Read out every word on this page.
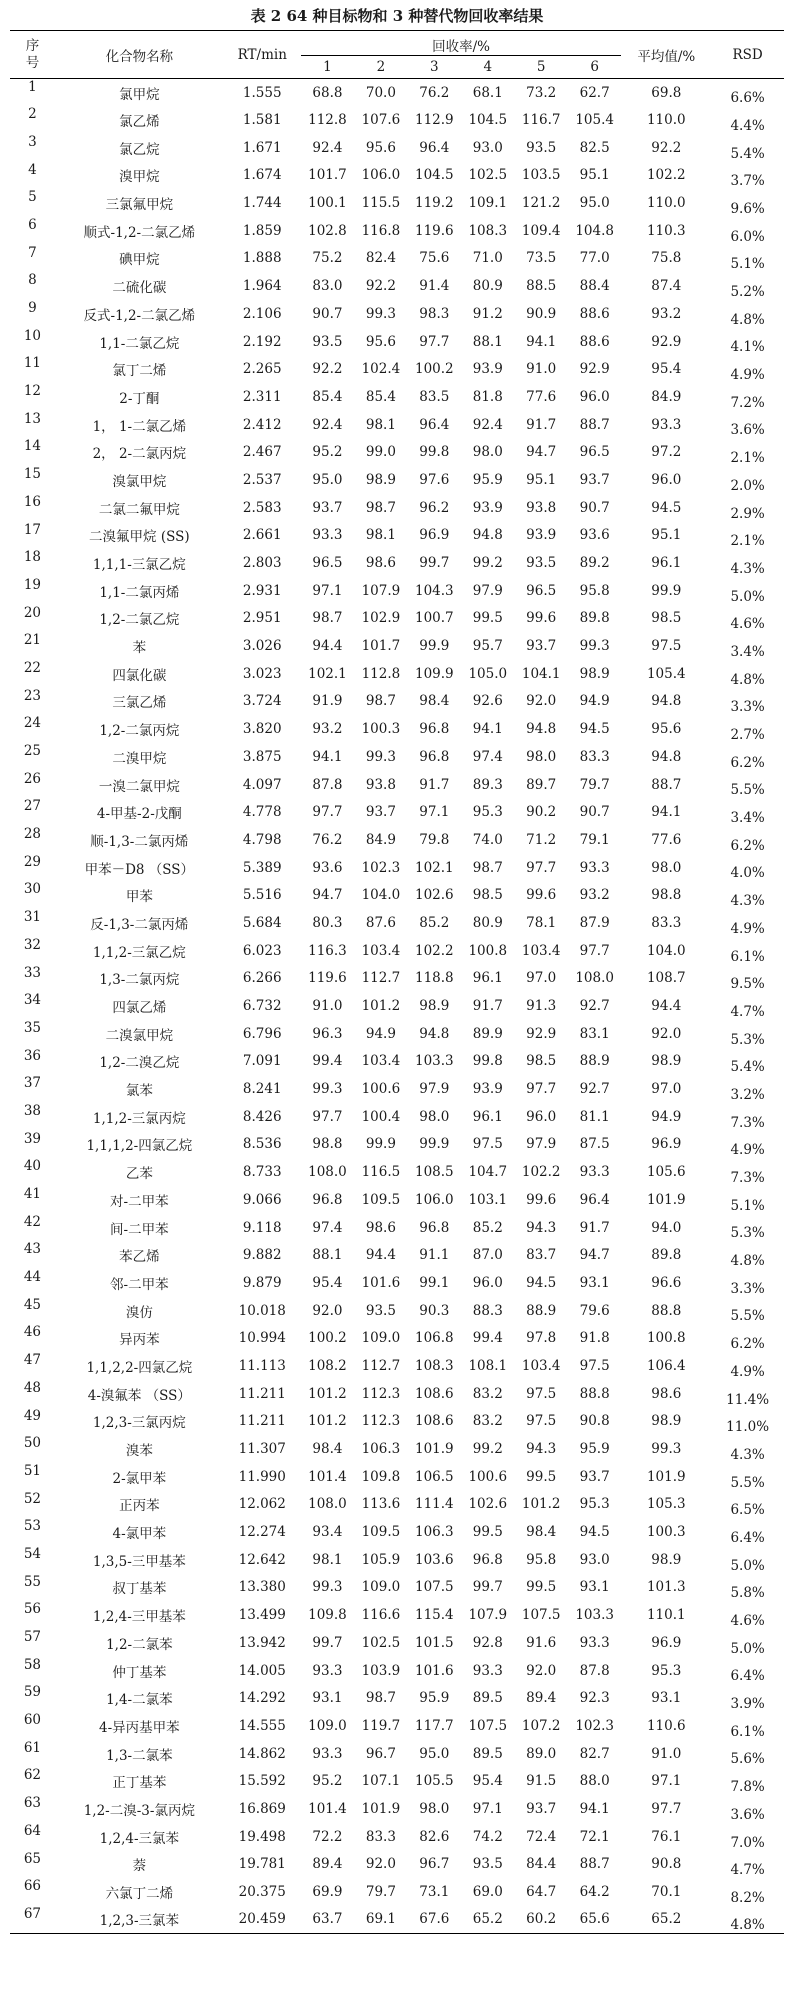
表 2 64 种目标物和 3 种替代物回收率结果
序号	化合物名称	RT/min	回收率/%						平均值/%	RSD
			1	2	3	4	5	6		
1	氯甲烷	1.555	68.8	70.0	76.2	68.1	73.2	62.7	69.8	6.6%
2	氯乙烯	1.581	112.8	107.6	112.9	104.5	116.7	105.4	110.0	4.4%
3	氯乙烷	1.671	92.4	95.6	96.4	93.0	93.5	82.5	92.2	5.4%
4	溴甲烷	1.674	101.7	106.0	104.5	102.5	103.5	95.1	102.2	3.7%
5	三氯氟甲烷	1.744	100.1	115.5	119.2	109.1	121.2	95.0	110.0	9.6%
6	顺式-1,2-二氯乙烯	1.859	102.8	116.8	119.6	108.3	109.4	104.8	110.3	6.0%
7	碘甲烷	1.888	75.2	82.4	75.6	71.0	73.5	77.0	75.8	5.1%
8	二硫化碳	1.964	83.0	92.2	91.4	80.9	88.5	88.4	87.4	5.2%
9	反式-1,2-二氯乙烯	2.106	90.7	99.3	98.3	91.2	90.9	88.6	93.2	4.8%
10	1,1-二氯乙烷	2.192	93.5	95.6	97.7	88.1	94.1	88.6	92.9	4.1%
11	氯丁二烯	2.265	92.2	102.4	100.2	93.9	91.0	92.9	95.4	4.9%
12	2-丁酮	2.311	85.4	85.4	83.5	81.8	77.6	96.0	84.9	7.2%
13	1， 1-二氯乙烯	2.412	92.4	98.1	96.4	92.4	91.7	88.7	93.3	3.6%
14	2， 2-二氯丙烷	2.467	95.2	99.0	99.8	98.0	94.7	96.5	97.2	2.1%
15	溴氯甲烷	2.537	95.0	98.9	97.6	95.9	95.1	93.7	96.0	2.0%
16	二氯二氟甲烷	2.583	93.7	98.7	96.2	93.9	93.8	90.7	94.5	2.9%
17	二溴氟甲烷 (SS)	2.661	93.3	98.1	96.9	94.8	93.9	93.6	95.1	2.1%
18	1,1,1-三氯乙烷	2.803	96.5	98.6	99.7	99.2	93.5	89.2	96.1	4.3%
19	1,1-二氯丙烯	2.931	97.1	107.9	104.3	97.9	96.5	95.8	99.9	5.0%
20	1,2-二氯乙烷	2.951	98.7	102.9	100.7	99.5	99.6	89.8	98.5	4.6%
21	苯	3.026	94.4	101.7	99.9	95.7	93.7	99.3	97.5	3.4%
22	四氯化碳	3.023	102.1	112.8	109.9	105.0	104.1	98.9	105.4	4.8%
23	三氯乙烯	3.724	91.9	98.7	98.4	92.6	92.0	94.9	94.8	3.3%
24	1,2-二氯丙烷	3.820	93.2	100.3	96.8	94.1	94.8	94.5	95.6	2.7%
25	二溴甲烷	3.875	94.1	99.3	96.8	97.4	98.0	83.3	94.8	6.2%
26	一溴二氯甲烷	4.097	87.8	93.8	91.7	89.3	89.7	79.7	88.7	5.5%
27	4-甲基-2-戊酮	4.778	97.7	93.7	97.1	95.3	90.2	90.7	94.1	3.4%
28	顺-1,3-二氯丙烯	4.798	76.2	84.9	79.8	74.0	71.2	79.1	77.6	6.2%
29	甲苯－D8 （SS）	5.389	93.6	102.3	102.1	98.7	97.7	93.3	98.0	4.0%
30	甲苯	5.516	94.7	104.0	102.6	98.5	99.6	93.2	98.8	4.3%
31	反-1,3-二氯丙烯	5.684	80.3	87.6	85.2	80.9	78.1	87.9	83.3	4.9%
32	1,1,2-三氯乙烷	6.023	116.3	103.4	102.2	100.8	103.4	97.7	104.0	6.1%
33	1,3-二氯丙烷	6.266	119.6	112.7	118.8	96.1	97.0	108.0	108.7	9.5%
34	四氯乙烯	6.732	91.0	101.2	98.9	91.7	91.3	92.7	94.4	4.7%
35	二溴氯甲烷	6.796	96.3	94.9	94.8	89.9	92.9	83.1	92.0	5.3%
36	1,2-二溴乙烷	7.091	99.4	103.4	103.3	99.8	98.5	88.9	98.9	5.4%
37	氯苯	8.241	99.3	100.6	97.9	93.9	97.7	92.7	97.0	3.2%
38	1,1,2-三氯丙烷	8.426	97.7	100.4	98.0	96.1	96.0	81.1	94.9	7.3%
39	1,1,1,2-四氯乙烷	8.536	98.8	99.9	99.9	97.5	97.9	87.5	96.9	4.9%
40	乙苯	8.733	108.0	116.5	108.5	104.7	102.2	93.3	105.6	7.3%
41	对-二甲苯	9.066	96.8	109.5	106.0	103.1	99.6	96.4	101.9	5.1%
42	间-二甲苯	9.118	97.4	98.6	96.8	85.2	94.3	91.7	94.0	5.3%
43	苯乙烯	9.882	88.1	94.4	91.1	87.0	83.7	94.7	89.8	4.8%
44	邻-二甲苯	9.879	95.4	101.6	99.1	96.0	94.5	93.1	96.6	3.3%
45	溴仿	10.018	92.0	93.5	90.3	88.3	88.9	79.6	88.8	5.5%
46	异丙苯	10.994	100.2	109.0	106.8	99.4	97.8	91.8	100.8	6.2%
47	1,1,2,2-四氯乙烷	11.113	108.2	112.7	108.3	108.1	103.4	97.5	106.4	4.9%
48	4-溴氟苯 （SS）	11.211	101.2	112.3	108.6	83.2	97.5	88.8	98.6	11.4%
49	1,2,3-三氯丙烷	11.211	101.2	112.3	108.6	83.2	97.5	90.8	98.9	11.0%
50	溴苯	11.307	98.4	106.3	101.9	99.2	94.3	95.9	99.3	4.3%
51	2-氯甲苯	11.990	101.4	109.8	106.5	100.6	99.5	93.7	101.9	5.5%
52	正丙苯	12.062	108.0	113.6	111.4	102.6	101.2	95.3	105.3	6.5%
53	4-氯甲苯	12.274	93.4	109.5	106.3	99.5	98.4	94.5	100.3	6.4%
54	1,3,5-三甲基苯	12.642	98.1	105.9	103.6	96.8	95.8	93.0	98.9	5.0%
55	叔丁基苯	13.380	99.3	109.0	107.5	99.7	99.5	93.1	101.3	5.8%
56	1,2,4-三甲基苯	13.499	109.8	116.6	115.4	107.9	107.5	103.3	110.1	4.6%
57	1,2-二氯苯	13.942	99.7	102.5	101.5	92.8	91.6	93.3	96.9	5.0%
58	仲丁基苯	14.005	93.3	103.9	101.6	93.3	92.0	87.8	95.3	6.4%
59	1,4-二氯苯	14.292	93.1	98.7	95.9	89.5	89.4	92.3	93.1	3.9%
60	4-异丙基甲苯	14.555	109.0	119.7	117.7	107.5	107.2	102.3	110.6	6.1%
61	1,3-二氯苯	14.862	93.3	96.7	95.0	89.5	89.0	82.7	91.0	5.6%
62	正丁基苯	15.592	95.2	107.1	105.5	95.4	91.5	88.0	97.1	7.8%
63	1,2-二溴-3-氯丙烷	16.869	101.4	101.9	98.0	97.1	93.7	94.1	97.7	3.6%
64	1,2,4-三氯苯	19.498	72.2	83.3	82.6	74.2	72.4	72.1	76.1	7.0%
65	萘	19.781	89.4	92.0	96.7	93.5	84.4	88.7	90.8	4.7%
66	六氯丁二烯	20.375	69.9	79.7	73.1	69.0	64.7	64.2	70.1	8.2%
67	1,2,3-三氯苯	20.459	63.7	69.1	67.6	65.2	60.2	65.6	65.2	4.8%
